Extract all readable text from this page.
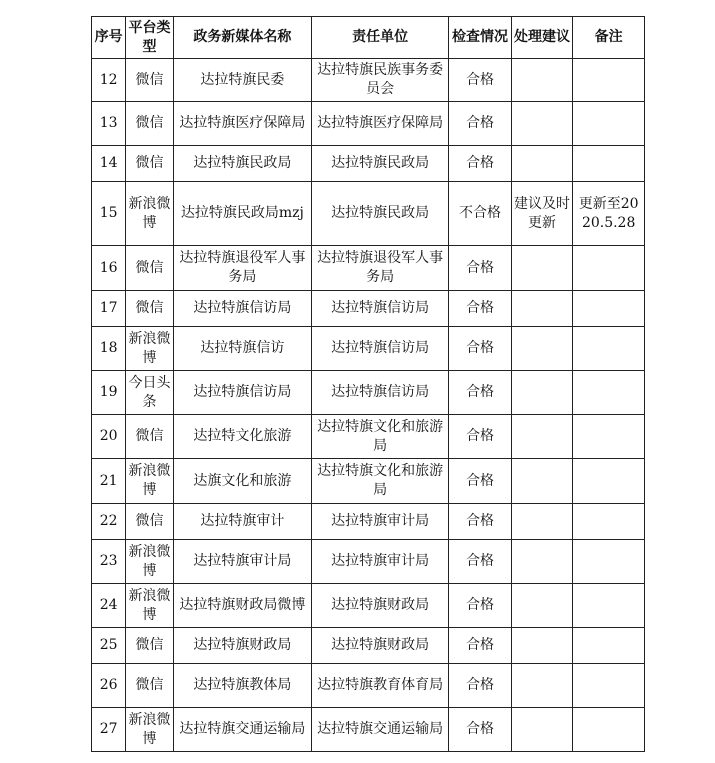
序号	平台类型	政务新媒体名称	责任单位	检查情况	处理建议	备注
12	微信	达拉特旗民委	达拉特旗民族事务委员会	合格		
13	微信	达拉特旗医疗保障局	达拉特旗医疗保障局	合格		
14	微信	达拉特旗民政局	达拉特旗民政局	合格		
15	新浪微博	达拉特旗民政局mzj	达拉特旗民政局	不合格	建议及时更新	更新至2020.5.28
16	微信	达拉特旗退役军人事务局	达拉特旗退役军人事务局	合格		
17	微信	达拉特旗信访局	达拉特旗信访局	合格		
18	新浪微博	达拉特旗信访	达拉特旗信访局	合格		
19	今日头条	达拉特旗信访局	达拉特旗信访局	合格		
20	微信	达拉特文化旅游	达拉特旗文化和旅游局	合格		
21	新浪微博	达旗文化和旅游	达拉特旗文化和旅游局	合格		
22	微信	达拉特旗审计	达拉特旗审计局	合格		
23	新浪微博	达拉特旗审计局	达拉特旗审计局	合格		
24	新浪微博	达拉特旗财政局微博	达拉特旗财政局	合格		
25	微信	达拉特旗财政局	达拉特旗财政局	合格		
26	微信	达拉特旗教体局	达拉特旗教育体育局	合格		
27	新浪微博	达拉特旗交通运输局	达拉特旗交通运输局	合格		
